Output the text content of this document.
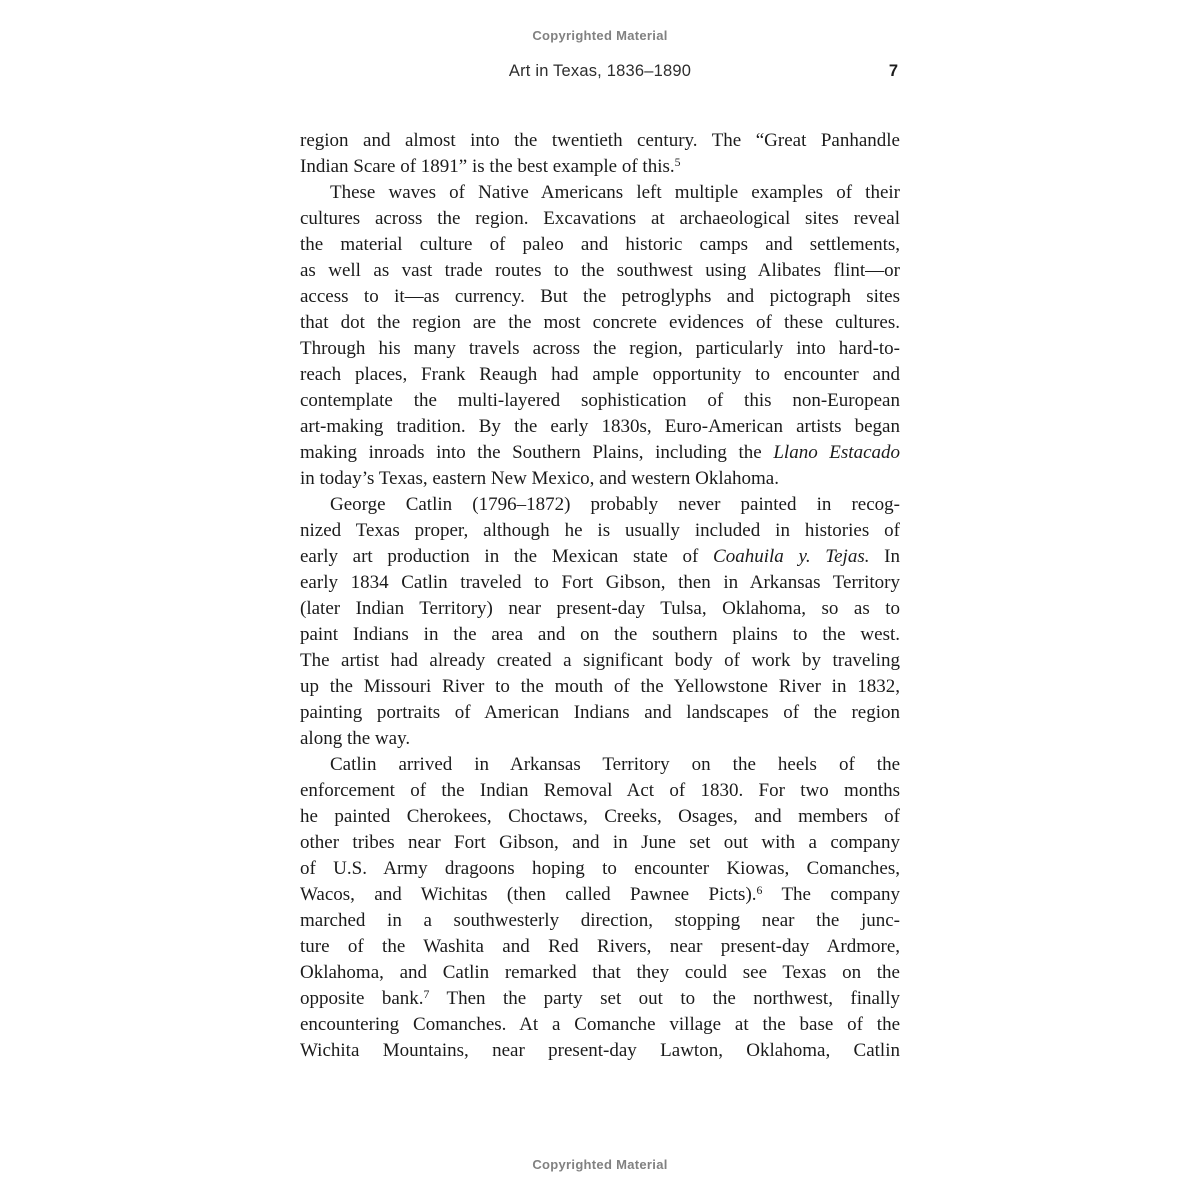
Copyrighted Material
Art in Texas, 1836–1890	7
region and almost into the twentieth century. The “Great Panhandle
Indian Scare of 1891” is the best example of this.$^5$
These waves of Native Americans left multiple examples of their
cultures across the region. Excavations at archaeological sites reveal
the material culture of paleo and historic camps and settlements,
as well as vast trade routes to the southwest using Alibates flint—or
access to it—as currency. But the petroglyphs and pictograph sites
that dot the region are the most concrete evidences of these cultures.
Through his many travels across the region, particularly into hard-to-
reach places, Frank Reaugh had ample opportunity to encounter and
contemplate the multi-layered sophistication of this non-European
art-making tradition. By the early 1830s, Euro-American artists began
making inroads into the Southern Plains, including the Llano Estacado
in today’s Texas, eastern New Mexico, and western Oklahoma.
George Catlin (1796–1872) probably never painted in recog-
nized Texas proper, although he is usually included in histories of
early art production in the Mexican state of Coahuila y. Tejas. In
early 1834 Catlin traveled to Fort Gibson, then in Arkansas Territory
(later Indian Territory) near present-day Tulsa, Oklahoma, so as to
paint Indians in the area and on the southern plains to the west.
The artist had already created a significant body of work by traveling
up the Missouri River to the mouth of the Yellowstone River in 1832,
painting portraits of American Indians and landscapes of the region
along the way.
Catlin arrived in Arkansas Territory on the heels of the
enforcement of the Indian Removal Act of 1830. For two months
he painted Cherokees, Choctaws, Creeks, Osages, and members of
other tribes near Fort Gibson, and in June set out with a company
of U.S. Army dragoons hoping to encounter Kiowas, Comanches,
Wacos, and Wichitas (then called Pawnee Picts).$^6$ The company
marched in a southwesterly direction, stopping near the junc-
ture of the Washita and Red Rivers, near present-day Ardmore,
Oklahoma, and Catlin remarked that they could see Texas on the
opposite bank.$^7$ Then the party set out to the northwest, finally
encountering Comanches. At a Comanche village at the base of the
Wichita Mountains, near present-day Lawton, Oklahoma, Catlin
Copyrighted Material
